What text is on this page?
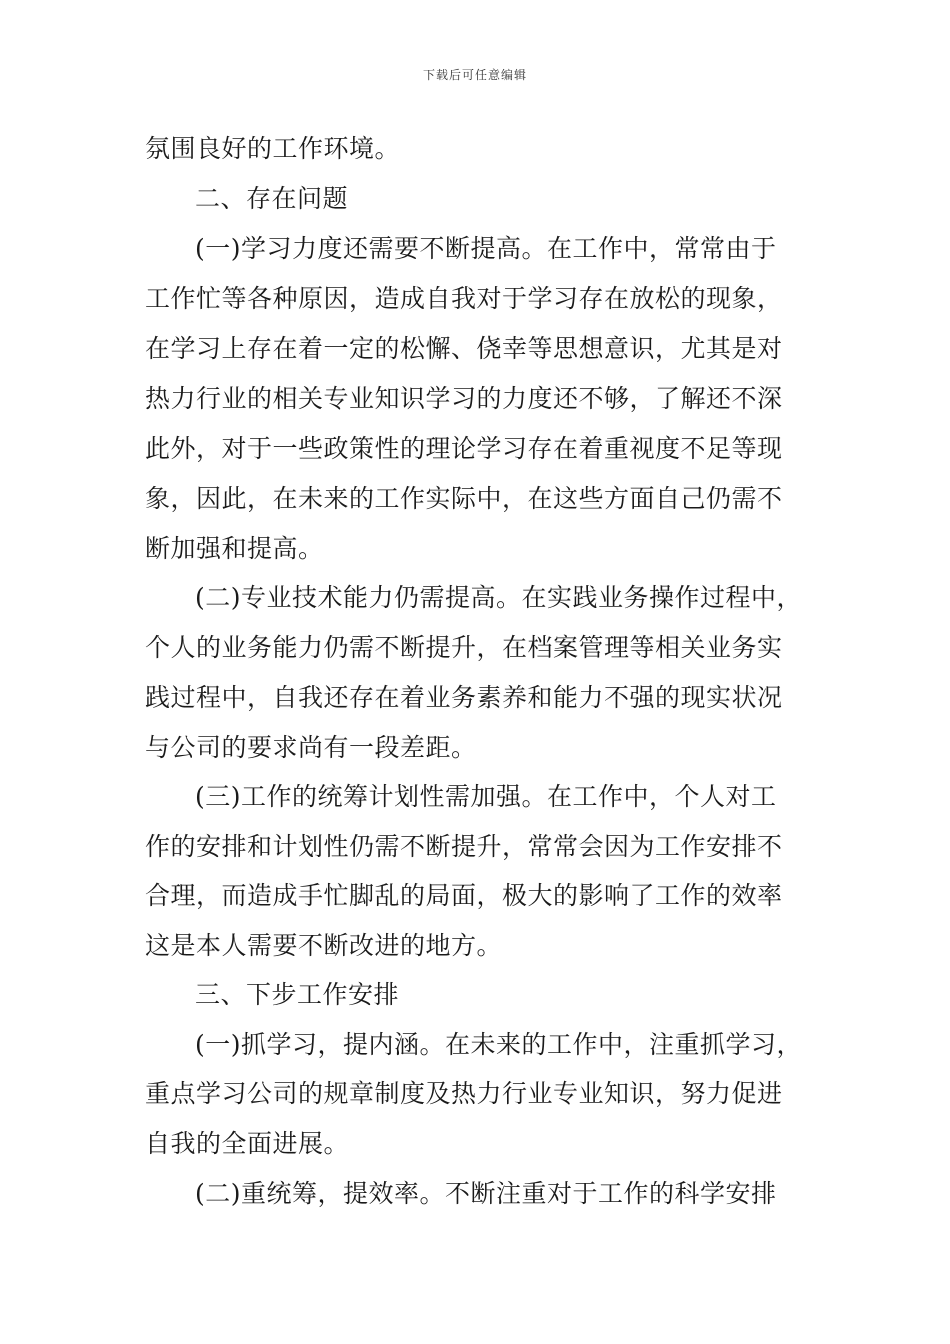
下载后可任意编辑
氛围良好的工作环境。
二、存在问题
(一)学习力度还需要不断提高。在工作中，常常由于
工作忙等各种原因，造成自我对于学习存在放松的现象，
在学习上存在着一定的松懈、侥幸等思想意识，尤其是对
热力行业的相关专业知识学习的力度还不够，了解还不深
此外，对于一些政策性的理论学习存在着重视度不足等现
象，因此，在未来的工作实际中，在这些方面自己仍需不
断加强和提高。
(二)专业技术能力仍需提高。在实践业务操作过程中，
个人的业务能力仍需不断提升，在档案管理等相关业务实
践过程中，自我还存在着业务素养和能力不强的现实状况
与公司的要求尚有一段差距。
(三)工作的统筹计划性需加强。在工作中，个人对工
作的安排和计划性仍需不断提升，常常会因为工作安排不
合理，而造成手忙脚乱的局面，极大的影响了工作的效率
这是本人需要不断改进的地方。
三、下步工作安排
(一)抓学习，提内涵。在未来的工作中，注重抓学习，
重点学习公司的规章制度及热力行业专业知识，努力促进
自我的全面进展。
(二)重统筹，提效率。不断注重对于工作的科学安排
